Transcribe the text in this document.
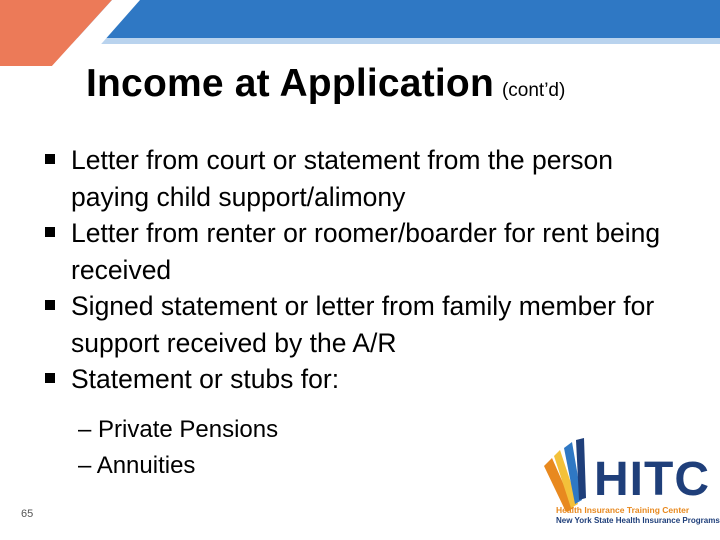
Income at Application (cont’d)
Letter from court or statement from the person paying child support/alimony
Letter from renter or roomer/boarder for rent being received
Signed statement or letter from family member for support received by the A/R
Statement or stubs for:
– Private Pensions
– Annuities
65
HITC
Health Insurance Training Center
New York State Health Insurance Programs
